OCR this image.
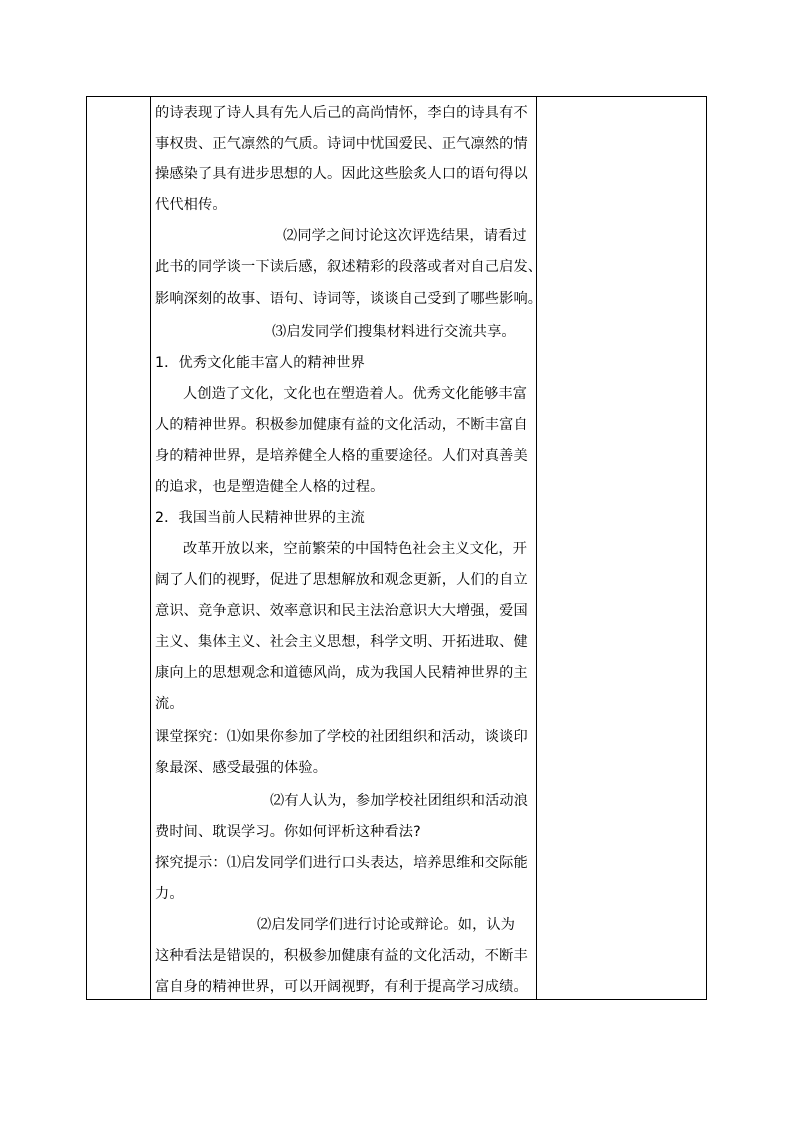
的诗表现了诗人具有先人后己的高尚情怀，李白的诗具有不
事权贵、正气凛然的气质。诗词中忧国爱民、正气凛然的情
操感染了具有进步思想的人。因此这些脍炙人口的语句得以
代代相传。
⑵同学之间讨论这次评选结果，请看过
此书的同学谈一下读后感，叙述精彩的段落或者对自己启发、
影响深刻的故事、语句、诗词等，谈谈自己受到了哪些影响。
⑶启发同学们搜集材料进行交流共享。
1．优秀文化能丰富人的精神世界
人创造了文化，文化也在塑造着人。优秀文化能够丰富
人的精神世界。积极参加健康有益的文化活动，不断丰富自
身的精神世界，是培养健全人格的重要途径。人们对真善美
的追求，也是塑造健全人格的过程。
2．我国当前人民精神世界的主流
改革开放以来，空前繁荣的中国特色社会主义文化，开
阔了人们的视野，促进了思想解放和观念更新，人们的自立
意识、竞争意识、效率意识和民主法治意识大大增强，爱国
主义、集体主义、社会主义思想，科学文明、开拓进取、健
康向上的思想观念和道德风尚，成为我国人民精神世界的主
流。
课堂探究：⑴如果你参加了学校的社团组织和活动，谈谈印
象最深、感受最强的体验。
⑵有人认为，参加学校社团组织和活动浪
费时间、耽误学习。你如何评析这种看法?
探究提示：⑴启发同学们进行口头表达，培养思维和交际能
力。
⑵启发同学们进行讨论或辩论。如，认为
这种看法是错误的，积极参加健康有益的文化活动，不断丰
富自身的精神世界，可以开阔视野，有利于提高学习成绩。
